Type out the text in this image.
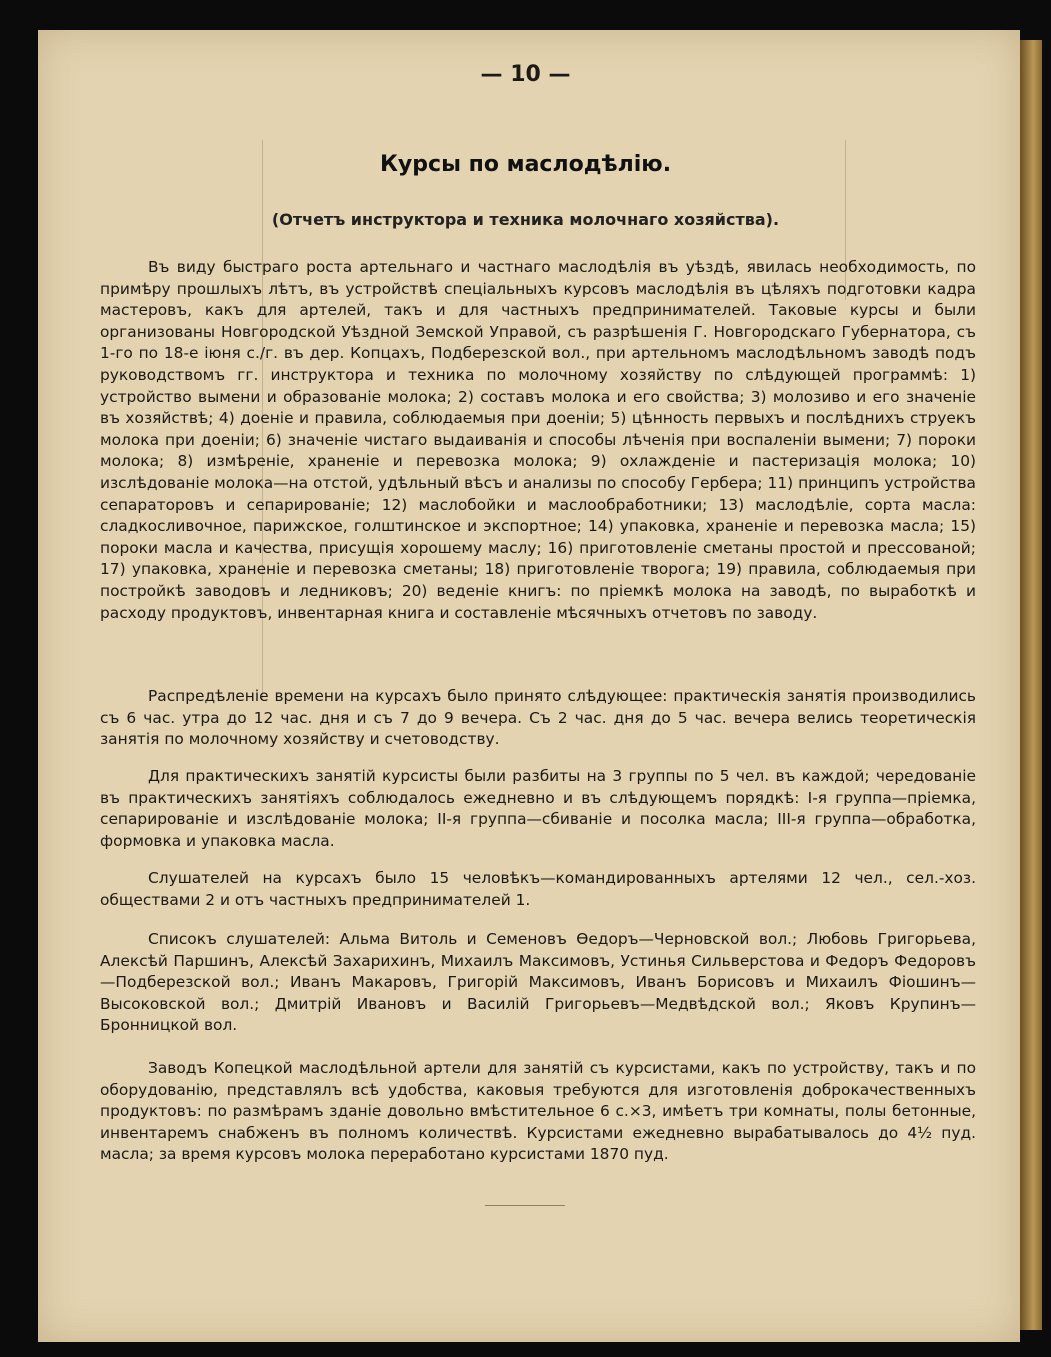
— 10 —
Курсы по маслодѣлію.
(Отчетъ инструктора и техника молочнаго хозяйства).

Въ виду быстраго роста артельнаго и частнаго маслодѣлія въ уѣздѣ, явилась необходимость, по примѣру прошлыхъ лѣтъ, въ устройствѣ спеціальныхъ курсовъ маслодѣлія въ цѣляхъ подготовки кадра мастеровъ, какъ для артелей, такъ и для частныхъ предпринимателей. Таковые курсы и были организованы Новгородской Уѣздной Земской Управой, съ разрѣшенія Г. Новгородскаго Губернатора, съ 1-го по 18-е іюня с./г. въ дер. Копцахъ, Подберезской вол., при артельномъ маслодѣльномъ заводѣ подъ руководствомъ гг. инструктора и техника по молочному хозяйству по слѣдующей программѣ: 1) устройство вымени и образованіе молока; 2) составъ молока и его свойства; 3) молозиво и его значеніе въ хозяйствѣ; 4) доеніе и правила, соблюдаемыя при доеніи; 5) цѣнность первыхъ и послѣднихъ струекъ молока при доеніи; 6) значеніе чистаго выдаиванія и способы лѣченія при воспаленіи вымени; 7) пороки молока; 8) измѣреніе, храненіе и перевозка молока; 9) охлажденіе и пастеризація молока; 10) изслѣдованіе молока—на отстой, удѣльный вѣсъ и анализы по способу Гербера; 11) принципъ устройства сепараторовъ и сепарированіе; 12) маслобойки и маслообработники; 13) маслодѣліе, сорта масла: сладкосливочное, парижское, голштинское и экспортное; 14) упаковка, храненіе и перевозка масла; 15) пороки масла и качества, присущія хорошему маслу; 16) приготовленіе сметаны простой и прессованой; 17) упаковка, храненіе и перевозка сметаны; 18) приготовленіе творога; 19) правила, соблюдаемыя при постройкѣ заводовъ и ледниковъ; 20) веденіе книгъ: по пріемкѣ молока на заводѣ, по выработкѣ и расходу продуктовъ, инвентарная книга и составленіе мѣсячныхъ отчетовъ по заводу.

Распредѣленіе времени на курсахъ было принято слѣдующее: практическія занятія производились съ 6 час. утра до 12 час. дня и съ 7 до 9 вечера. Съ 2 час. дня до 5 час. вечера велись теоретическія занятія по молочному хозяйству и счетоводству.

Для практическихъ занятій курсисты были разбиты на 3 группы по 5 чел. въ каждой; чередованіе въ практическихъ занятіяхъ соблюдалось ежедневно и въ слѣдующемъ порядкѣ: І-я группа—пріемка, сепарированіе и изслѣдованіе молока; ІІ-я группа—сбиваніе и посолка масла; ІІІ-я группа—обработка, формовка и упаковка масла.

Слушателей на курсахъ было 15 человѣкъ—командированныхъ артелями 12 чел., сел.-хоз. обществами 2 и отъ частныхъ предпринимателей 1.

Списокъ слушателей: Альма Витоль и Семеновъ Ѳедоръ—Черновской вол.; Любовь Григорьева, Алексѣй Паршинъ, Алексѣй Захарихинъ, Михаилъ Максимовъ, Устинья Сильверстова и Федоръ Федоровъ—Подберезской вол.; Иванъ Макаровъ, Григорій Максимовъ, Иванъ Борисовъ и Михаилъ Фіошинъ—Высоковской вол.; Дмитрій Ивановъ и Василій Григорьевъ—Медвѣдской вол.; Яковъ Крупинъ—Бронницкой вол.

Заводъ Копецкой маслодѣльной артели для занятій съ курсистами, какъ по устройству, такъ и по оборудованію, представлялъ всѣ удобства, каковыя требуются для изготовленія доброкачественныхъ продуктовъ: по размѣрамъ зданіе довольно вмѣстительное 6 с.×3, имѣетъ три комнаты, полы бетонные, инвентаремъ снабженъ въ полномъ количествѣ. Курсистами ежедневно вырабатывалось до 4½ пуд. масла; за время курсовъ молока переработано курсистами 1870 пуд.
